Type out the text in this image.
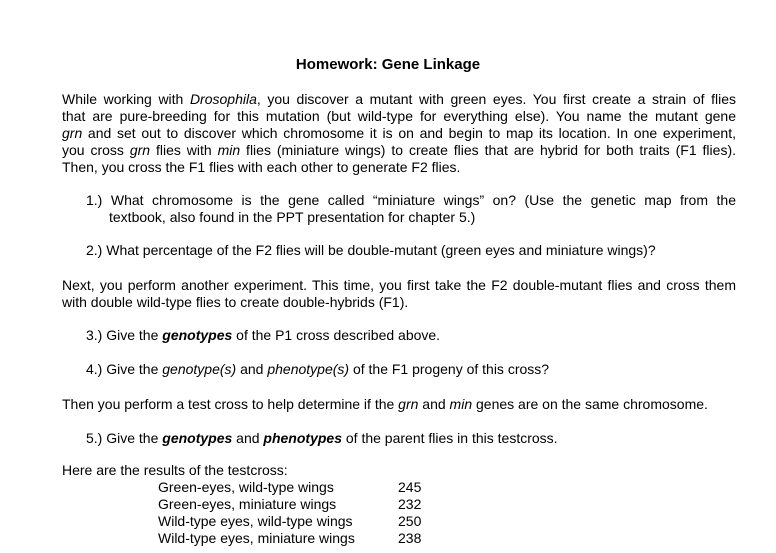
Homework: Gene Linkage
While working with Drosophila, you discover a mutant with green eyes. You first create a strain of flies
that are pure-breeding for this mutation (but wild-type for everything else). You name the mutant gene
grn and set out to discover which chromosome it is on and begin to map its location. In one experiment,
you cross grn flies with min flies (miniature wings) to create flies that are hybrid for both traits (F1 flies).
Then, you cross the F1 flies with each other to generate F2 flies.
1.) What chromosome is the gene called “miniature wings” on? (Use the genetic map from the
textbook, also found in the PPT presentation for chapter 5.)
2.) What percentage of the F2 flies will be double-mutant (green eyes and miniature wings)?
Next, you perform another experiment. This time, you first take the F2 double-mutant flies and cross them
with double wild-type flies to create double-hybrids (F1).
3.) Give the genotypes of the P1 cross described above.
4.) Give the genotype(s) and phenotype(s) of the F1 progeny of this cross?
Then you perform a test cross to help determine if the grn and min genes are on the same chromosome.
5.) Give the genotypes and phenotypes of the parent flies in this testcross.
Here are the results of the testcross:
Green-eyes, wild-type wings	245
Green-eyes, miniature wings	232
Wild-type eyes, wild-type wings	250
Wild-type eyes, miniature wings	238
